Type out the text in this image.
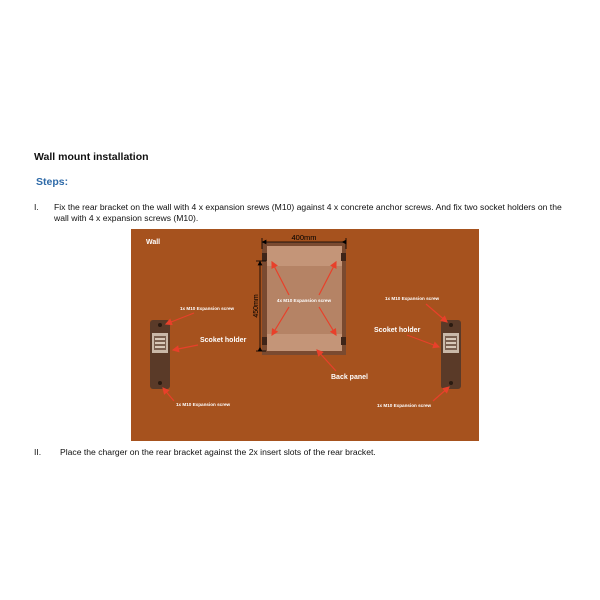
Wall mount installation
Steps:
I. Fix the rear bracket on the wall with 4 x expansion srews (M10) against 4 x concrete anchor screws. And fix two socket holders on the wall with 4 x expansion screws (M10).
Wall
400mm
450mm	4x M10 Expansion screw
1x M10 Expansion screw
1x M10 Expansion screw
Scoket holder
Scoket holder
Back panel
1x M10 Expansion screw	1x M10 Expansion screw
II. Place the charger on the rear bracket against the 2x insert slots of the rear bracket.
